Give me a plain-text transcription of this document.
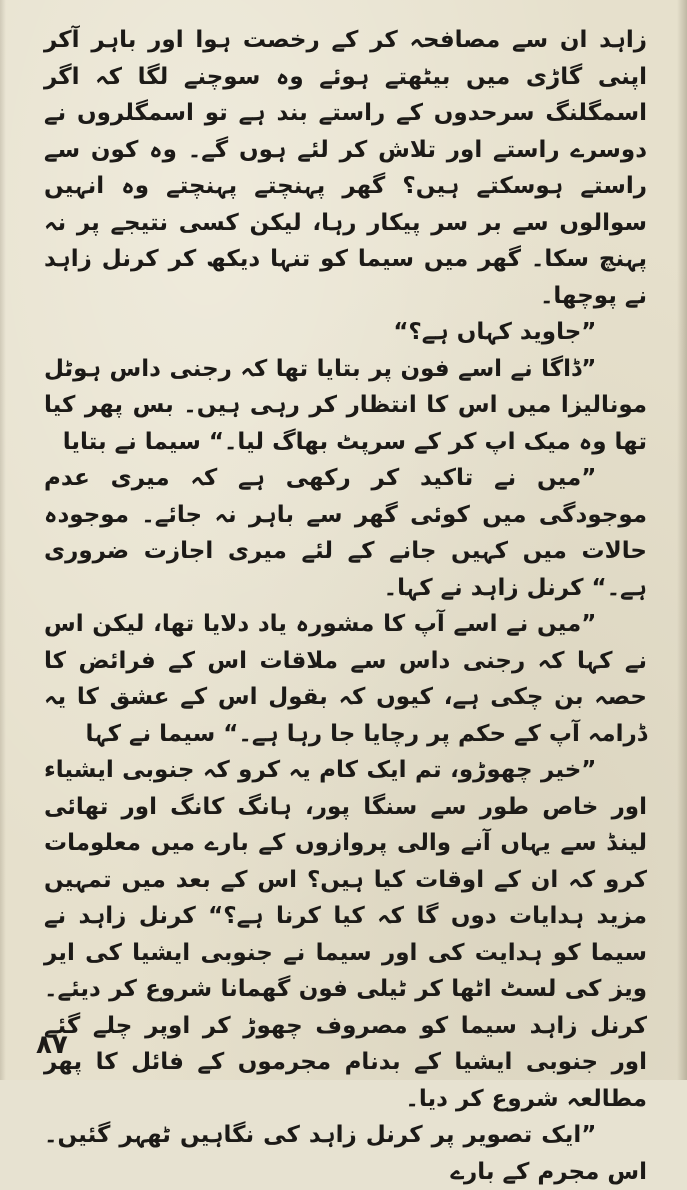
زاہد ان سے مصافحہ کر کے رخصت ہوا اور باہر آکر اپنی گاڑی میں بیٹھتے ہوئے وہ سوچنے لگا کہ اگر اسمگلنگ سرحدوں کے راستے بند ہے تو اسمگلروں نے دوسرے راستے اور تلاش کر لئے ہوں گے۔ وہ کون سے راستے ہوسکتے ہیں؟ گھر پہنچتے پہنچتے وہ انہیں سوالوں سے بر سر پیکار رہا، لیکن کسی نتیجے پر نہ پہنچ سکا۔ گھر میں سیما کو تنہا دیکھ کر کرنل زاہد نے پوچھا۔

”جاوید کہاں ہے؟“

”ڈاگا نے اسے فون پر بتایا تھا کہ رجنی داس ہوٹل مونالیزا میں اس کا انتظار کر رہی ہیں۔ بس پھر کیا تھا وہ میک اپ کر کے سرپٹ بھاگ لیا۔“ سیما نے بتایا

”میں نے تاکید کر رکھی ہے کہ میری عدم موجودگی میں کوئی گھر سے باہر نہ جائے۔ موجودہ حالات میں کہیں جانے کے لئے میری اجازت ضروری ہے۔“ کرنل زاہد نے کہا۔

”میں نے اسے آپ کا مشورہ یاد دلایا تھا، لیکن اس نے کہا کہ رجنی داس سے ملاقات اس کے فرائض کا حصہ بن چکی ہے، کیوں کہ بقول اس کے عشق کا یہ ڈرامہ آپ کے حکم پر رچایا جا رہا ہے۔“ سیما نے کہا

”خیر چھوڑو، تم ایک کام یہ کرو کہ جنوبی ایشیاء اور خاص طور سے سنگا پور، ہانگ کانگ اور تھائی لینڈ سے یہاں آنے والی پروازوں کے بارے میں معلومات کرو کہ ان کے اوقات کیا ہیں؟ اس کے بعد میں تمہیں مزید ہدایات دوں گا کہ کیا کرنا ہے؟“ کرنل زاہد نے سیما کو ہدایت کی اور سیما نے جنوبی ایشیا کی ایر ویز کی لسٹ اٹھا کر ٹیلی فون گھمانا شروع کر دیئے۔ کرنل زاہد سیما کو مصروف چھوڑ کر اوپر چلے گئے اور جنوبی ایشیا کے بدنام مجرموں کے فائل کا پھر مطالعہ شروع کر دیا۔

”ایک تصویر پر کرنل زاہد کی نگاہیں ٹھہر گئیں۔ اس مجرم کے بارے

۸۷
